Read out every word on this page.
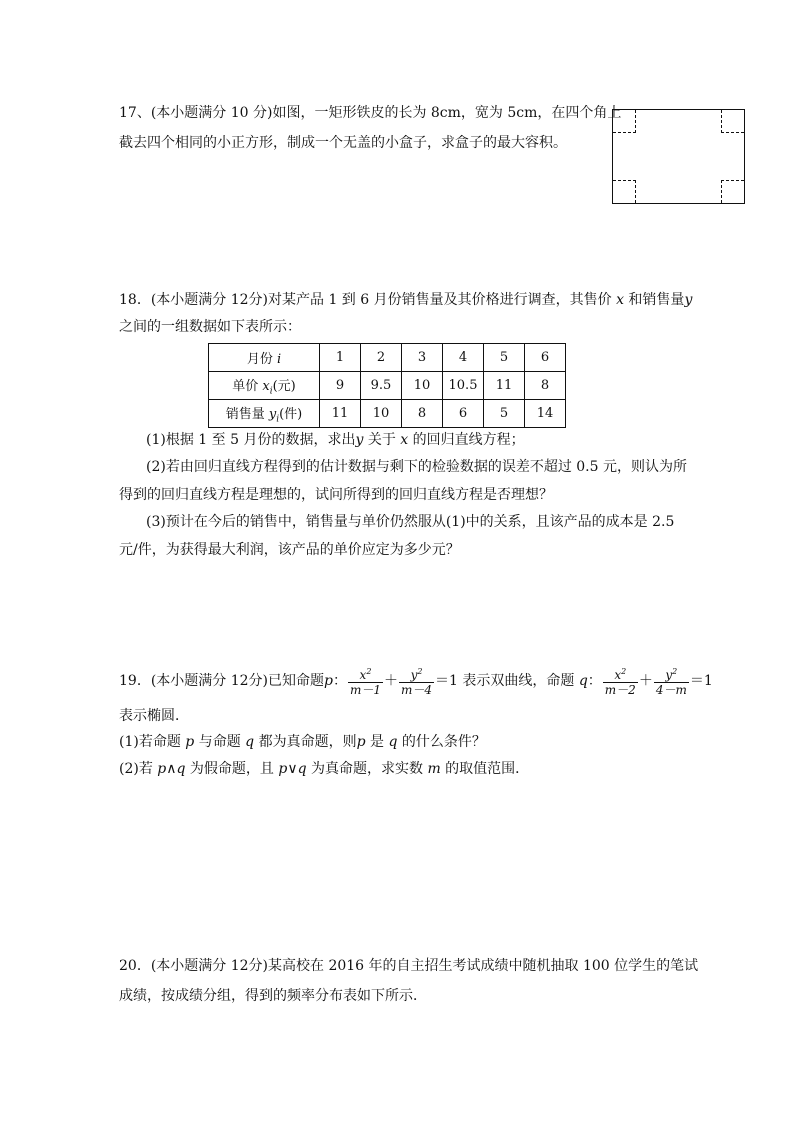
17、(本小题满分 10 分)如图，一矩形铁皮的长为 8cm，宽为 5cm，在四个角上
截去四个相同的小正方形，制成一个无盖的小盒子，求盒子的最大容积。
18．(本小题满分 12分)对某产品 1 到 6 月份销售量及其价格进行调查，其售价 x 和销售量y
之间的一组数据如下表所示：
月份 i	1	2	3	4	5	6
单价 $x_i$(元)	9	9.5	10	10.5	11	8
销售量 $y_i$(件)	11	10	8	6	5	14
(1)根据 1 至 5 月份的数据，求出y 关于 x 的回归直线方程；
(2)若由回归直线方程得到的估计数据与剩下的检验数据的误差不超过 0.5 元，则认为所
得到的回归直线方程是理想的，试问所得到的回归直线方程是否理想？
(3)预计在今后的销售中，销售量与单价仍然服从(1)中的关系，且该产品的成本是 2.5
元/件，为获得最大利润，该产品的单价应定为多少元？
19．(本小题满分 12分)已知命题p： $\frac{x^2}{m-1} + \frac{y^2}{m-4} =1$ 表示双曲线，命题 q： $\frac{x^2}{m-2} + \frac{y^2}{4-m} =1$
表示椭圆．
(1)若命题 p 与命题 q 都为真命题，则p 是 q 的什么条件？
(2)若 p∧q 为假命题，且 p∨q 为真命题，求实数 m 的取值范围．
20．(本小题满分 12分)某高校在 2016 年的自主招生考试成绩中随机抽取 100 位学生的笔试
成绩，按成绩分组，得到的频率分布表如下所示．
